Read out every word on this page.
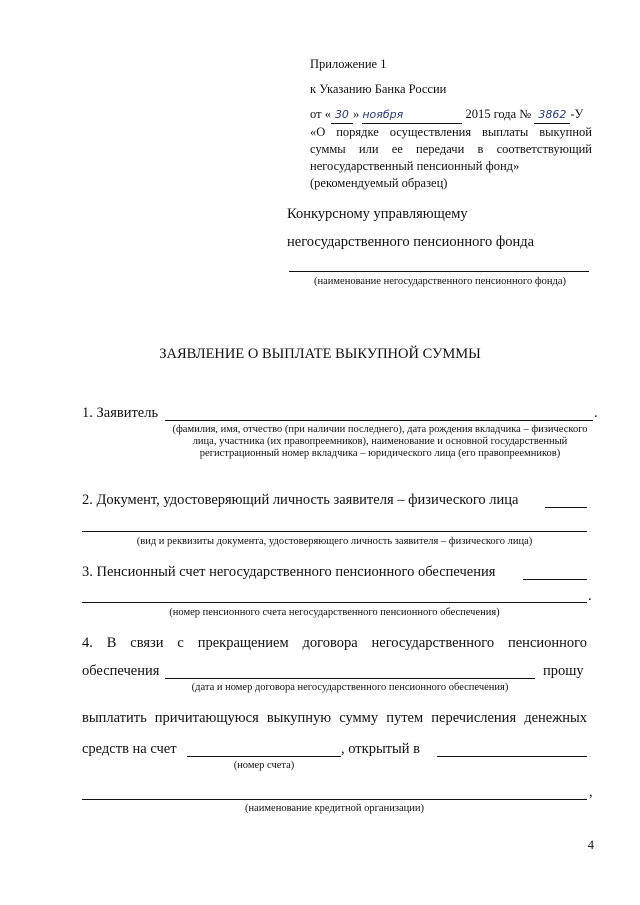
Приложение 1

к Указанию Банка России

от « 30 » ноября	2015 года № 3862 -У

«О порядке осуществления выплаты выкупной суммы или ее передачи в соответствующий негосударственный пенсионный фонд»

(рекомендуемый образец)

Конкурсному управляющему
негосударственного пенсионного фонда
(наименование негосударственного пенсионного фонда)
ЗАЯВЛЕНИЕ О ВЫПЛАТЕ ВЫКУПНОЙ СУММЫ
1. Заявитель	.
(фамилия, имя, отчество (при наличии последнего), дата рождения вкладчика – физического лица, участника (их правопреемников), наименование и основной государственный регистрационный номер вкладчика – юридического лица (его правопреемников)
2. Документ, удостоверяющий личность заявителя – физического лица
(вид и реквизиты документа, удостоверяющего личность заявителя – физического лица)
3. Пенсионный счет негосударственного пенсионного обеспечения
.
(номер пенсионного счета негосударственного пенсионного обеспечения)
4. В связи с прекращением договора негосударственного пенсионного
обеспечения	прошу
(дата и номер договора негосударственного пенсионного обеспечения)
выплатить причитающуюся выкупную сумму путем перечисления денежных
средств на счет	, открытый в
(номер счета)
,
(наименование кредитной организации)
4
